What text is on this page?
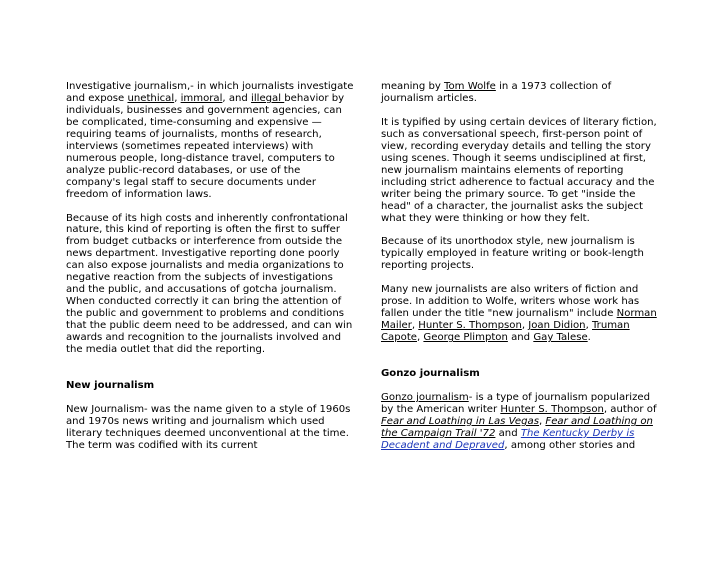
Investigative journalism,- in which journalists investigate and expose unethical, immoral, and illegal behavior by individuals, businesses and government agencies, can be complicated, time-consuming and expensive — requiring teams of journalists, months of research, interviews (sometimes repeated interviews) with numerous people, long-distance travel, computers to analyze public-record databases, or use of the company's legal staff to secure documents under freedom of information laws.

Because of its high costs and inherently confrontational nature, this kind of reporting is often the first to suffer from budget cutbacks or interference from outside the news department. Investigative reporting done poorly can also expose journalists and media organizations to negative reaction from the subjects of investigations and the public, and accusations of gotcha journalism. When conducted correctly it can bring the attention of the public and government to problems and conditions that the public deem need to be addressed, and can win awards and recognition to the journalists involved and the media outlet that did the reporting.

New journalism

New Journalism- was the name given to a style of 1960s and 1970s news writing and journalism which used literary techniques deemed unconventional at the time. The term was codified with its current

meaning by Tom Wolfe in a 1973 collection of journalism articles.

It is typified by using certain devices of literary fiction, such as conversational speech, first-person point of view, recording everyday details and telling the story using scenes. Though it seems undisciplined at first, new journalism maintains elements of reporting including strict adherence to factual accuracy and the writer being the primary source. To get "inside the head" of a character, the journalist asks the subject what they were thinking or how they felt.

Because of its unorthodox style, new journalism is typically employed in feature writing or book-length reporting projects.

Many new journalists are also writers of fiction and prose. In addition to Wolfe, writers whose work has fallen under the title "new journalism" include Norman Mailer, Hunter S. Thompson, Joan Didion, Truman Capote, George Plimpton and Gay Talese.

Gonzo journalism

Gonzo journalism- is a type of journalism popularized by the American writer Hunter S. Thompson, author of Fear and Loathing in Las Vegas, Fear and Loathing on the Campaign Trail '72 and The Kentucky Derby is Decadent and Depraved, among other stories and
